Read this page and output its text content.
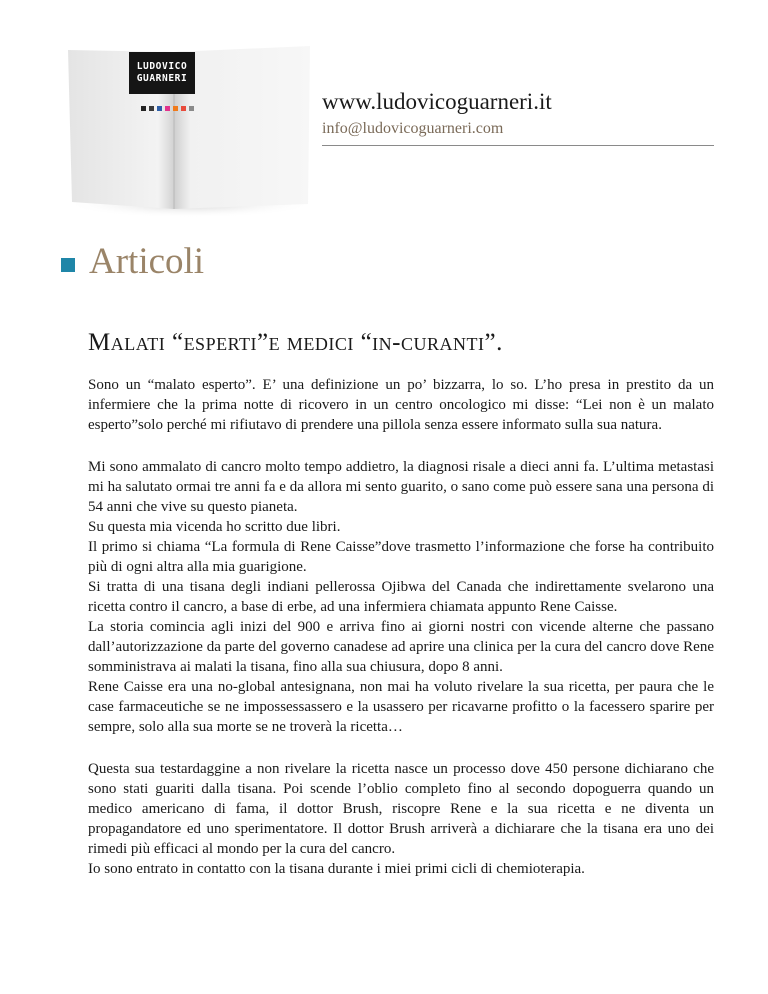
LUDOVICO
GUARNERI
www.ludovicoguarneri.it
info@ludovicoguarneri.com
Articoli
Malati “esperti”e medici “in-curanti”.

Sono un “malato esperto”. E’ una definizione un po’ bizzarra, lo so. L’ho presa in prestito da un infermiere che la prima notte di ricovero in un centro oncologico mi disse: “Lei non è un malato esperto”solo perché mi rifiutavo di prendere una pillola senza essere informato sulla sua natura.

Mi sono ammalato di cancro molto tempo addietro, la diagnosi risale a dieci anni fa. L’ultima metastasi mi ha salutato ormai tre anni fa e da allora mi sento guarito, o sano come può essere sana una persona di 54 anni che vive su questo pianeta.

Su questa mia vicenda ho scritto due libri.

Il primo si chiama “La formula di Rene Caisse”dove trasmetto l’informazione che forse ha contribuito più di ogni altra alla mia guarigione.

Si tratta di una tisana degli indiani pellerossa Ojibwa del Canada che indirettamente svelarono una ricetta contro il cancro, a base di erbe, ad una infermiera chiamata appunto Rene Caisse.

La storia comincia agli inizi del 900 e arriva fino ai giorni nostri con vicende alterne che passano dall’autorizzazione da parte del governo canadese ad aprire una clinica per la cura del cancro dove Rene somministrava ai malati la tisana, fino alla sua chiusura, dopo 8 anni.

Rene Caisse era una no-global antesignana, non mai ha voluto rivelare la sua ricetta, per paura che le case farmaceutiche se ne impossessassero e la usassero per ricavarne profitto o la facessero sparire per sempre, solo alla sua morte se ne troverà la ricetta…

Questa sua testardaggine a non rivelare la ricetta nasce un processo dove 450 persone dichiarano che sono stati guariti dalla tisana. Poi scende l’oblio completo fino al secondo dopoguerra quando un medico americano di fama, il dottor Brush, riscopre Rene e la sua ricetta e ne diventa un propagandatore ed uno sperimentatore. Il dottor Brush arriverà a dichiarare che la tisana era uno dei rimedi più efficaci al mondo per la cura del cancro.

Io sono entrato in contatto con la tisana durante i miei primi cicli di chemioterapia.
